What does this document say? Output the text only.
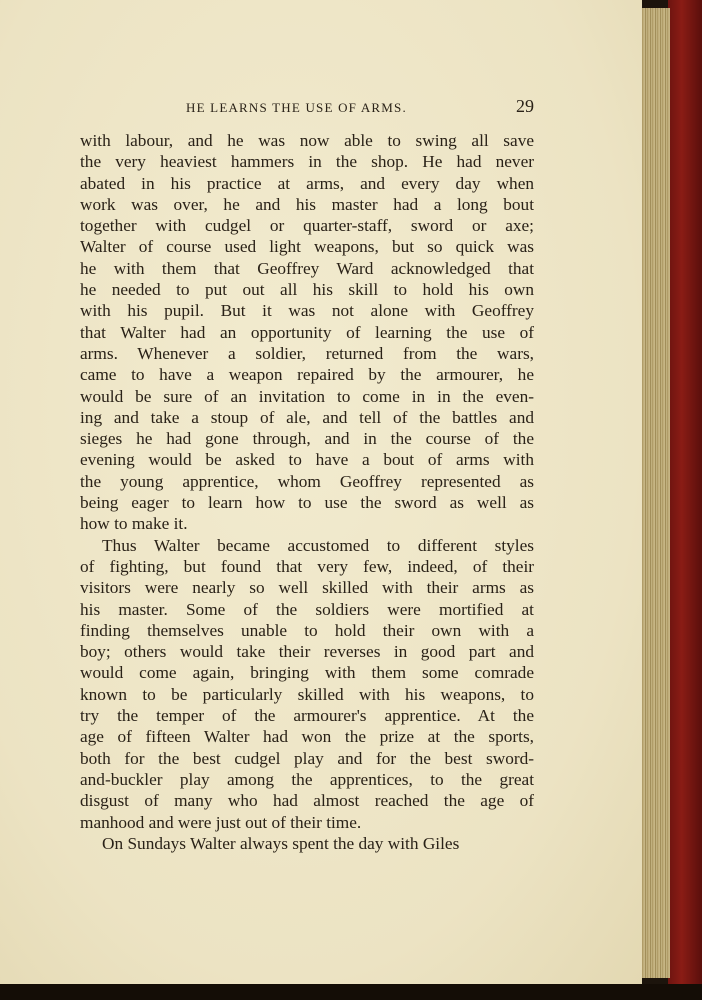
HE LEARNS THE USE OF ARMS.	29
with labour, and he was now able to swing all save
the very heaviest hammers in the shop. He had never
abated in his practice at arms, and every day when
work was over, he and his master had a long bout
together with cudgel or quarter-staff, sword or axe;
Walter of course used light weapons, but so quick was
he with them that Geoffrey Ward acknowledged that
he needed to put out all his skill to hold his own
with his pupil. But it was not alone with Geoffrey
that Walter had an opportunity of learning the use of
arms. Whenever a soldier, returned from the wars,
came to have a weapon repaired by the armourer, he
would be sure of an invitation to come in in the even-
ing and take a stoup of ale, and tell of the battles and
sieges he had gone through, and in the course of the
evening would be asked to have a bout of arms with
the young apprentice, whom Geoffrey represented as
being eager to learn how to use the sword as well as
how to make it.
Thus Walter became accustomed to different styles
of fighting, but found that very few, indeed, of their
visitors were nearly so well skilled with their arms as
his master. Some of the soldiers were mortified at
finding themselves unable to hold their own with a
boy; others would take their reverses in good part and
would come again, bringing with them some comrade
known to be particularly skilled with his weapons, to
try the temper of the armourer's apprentice. At the
age of fifteen Walter had won the prize at the sports,
both for the best cudgel play and for the best sword-
and-buckler play among the apprentices, to the great
disgust of many who had almost reached the age of
manhood and were just out of their time.
On Sundays Walter always spent the day with Giles
